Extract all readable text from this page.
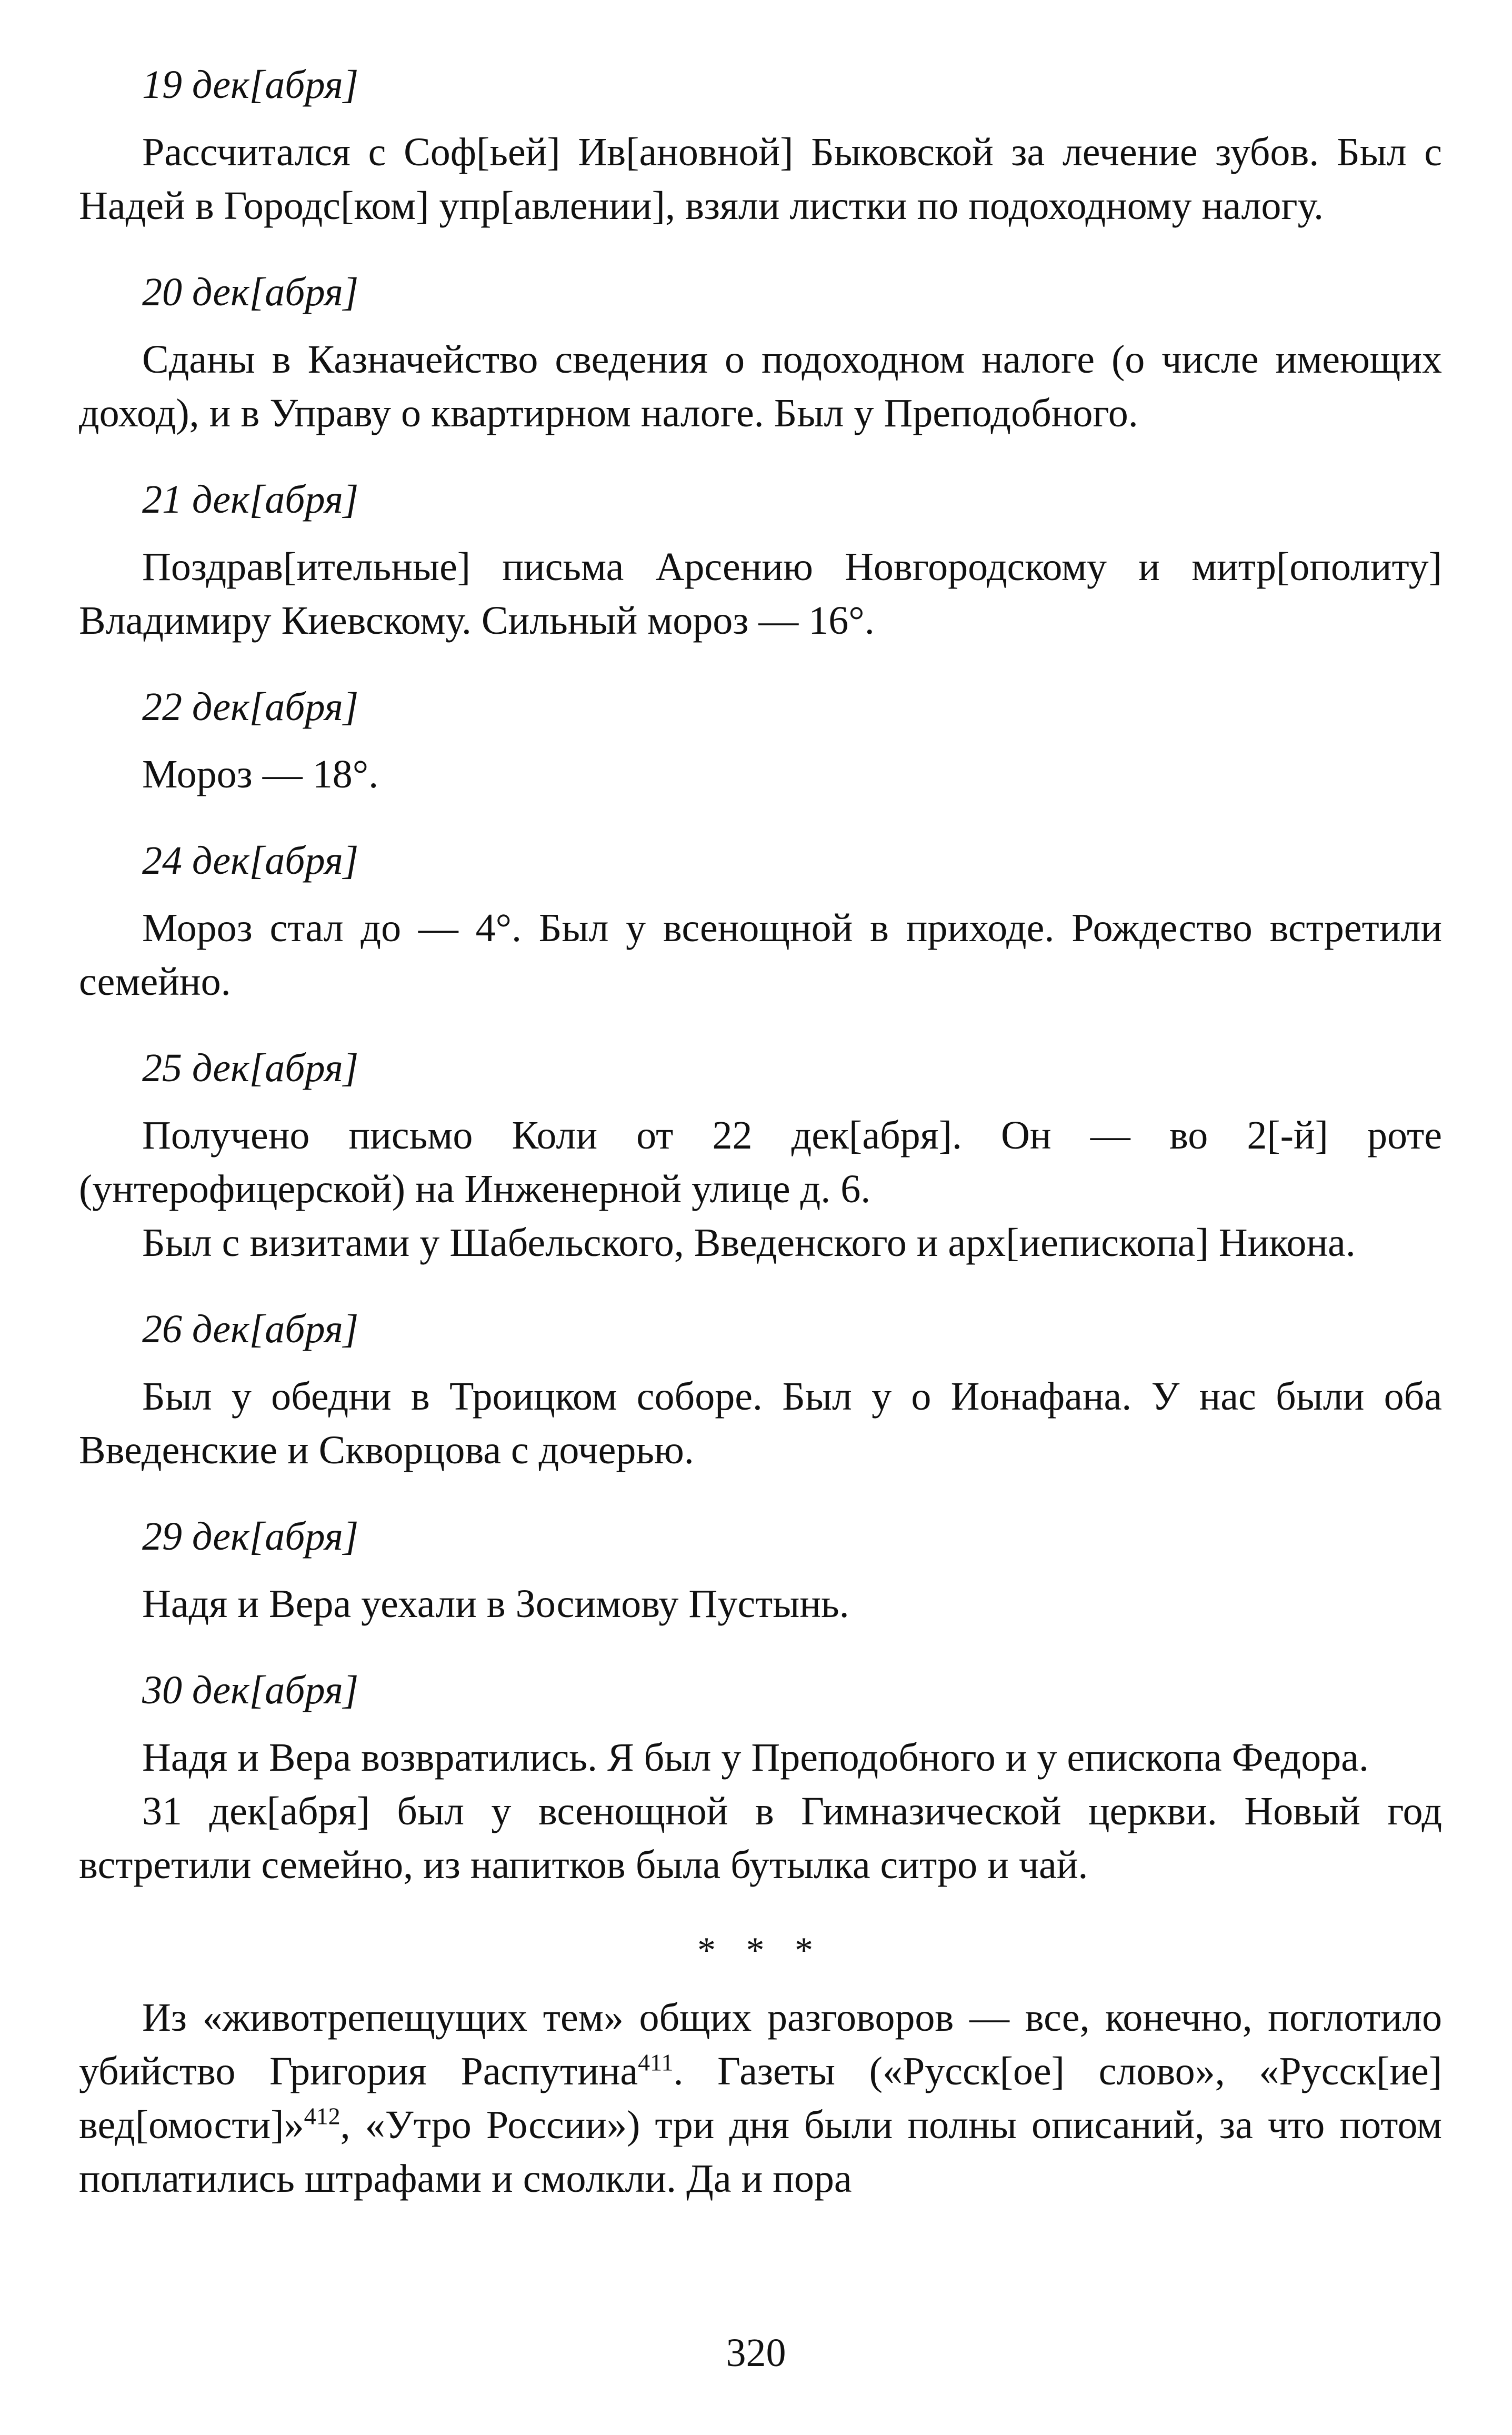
19 дек[абря]

Рассчитался с Соф[ьей] Ив[ановной] Быковской за лечение зубов. Был с Надей в Городс[ком] упр[авлении], взяли листки по подоходному налогу.

20 дек[абря]

Сданы в Казначейство сведения о подоходном налоге (о числе имеющих доход), и в Управу о квартирном налоге. Был у Преподобного.

21 дек[абря]

Поздрав[ительные] письма Арсению Новгородскому и митр[ополиту] Владимиру Киевскому. Сильный мороз — 16°.

22 дек[абря]

Мороз — 18°.

24 дек[абря]

Мороз стал до — 4°. Был у всенощной в приходе. Рождество встретили семейно.

25 дек[абря]

Получено письмо Коли от 22 дек[абря]. Он — во 2[-й] роте (унтерофицерской) на Инженерной улице д. 6.

Был с визитами у Шабельского, Введенского и арх[иепископа] Никона.

26 дек[абря]

Был у обедни в Троицком соборе. Был у о Ионафана. У нас были оба Введенские и Скворцова с дочерью.

29 дек[абря]

Надя и Вера уехали в Зосимову Пустынь.

30 дек[абря]

Надя и Вера возвратились. Я был у Преподобного и у епископа Федора.

31 дек[абря] был у всенощной в Гимназической церкви. Новый год встретили семейно, из напитков была бутылка ситро и чай.

* * *

Из «животрепещущих тем» общих разговоров — все, конечно, поглотило убийство Григория Распутина$^{411}$. Газеты («Русск[ое] слово», «Русск[ие] вед[омости]»$^{412}$, «Утро России») три дня были полны описаний, за что потом поплатились штрафами и смолкли. Да и пора

320
